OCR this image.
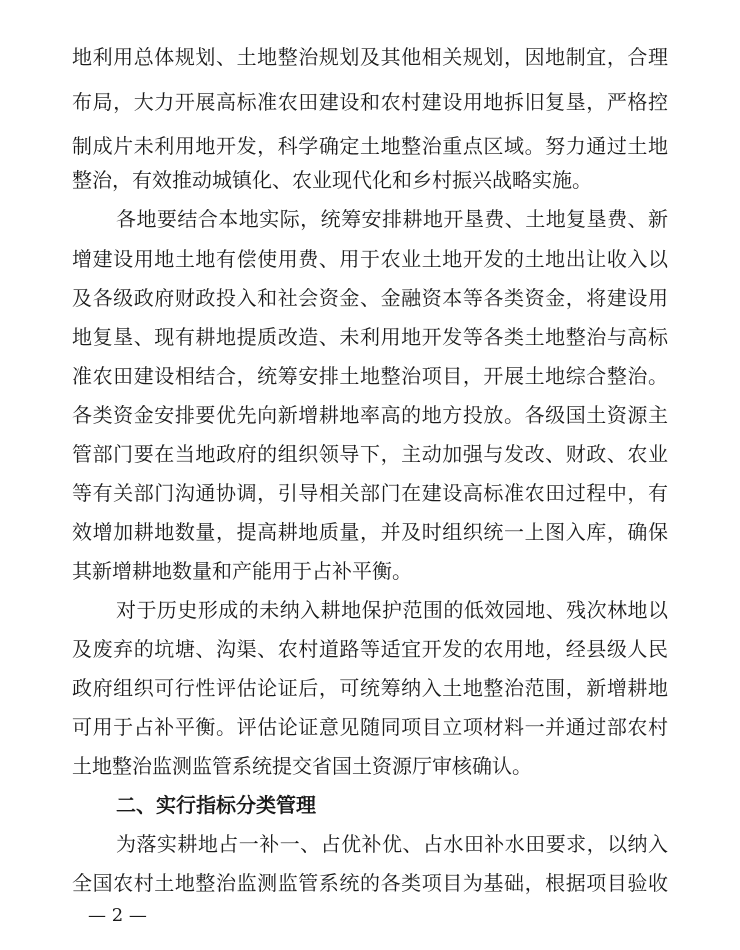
地利用总体规划、土地整治规划及其他相关规划，因地制宜，合理
布局，大力开展高标准农田建设和农村建设用地拆旧复垦，严格控
制成片未利用地开发，科学确定土地整治重点区域。努力通过土地
整治，有效推动城镇化、农业现代化和乡村振兴战略实施。
各地要结合本地实际，统筹安排耕地开垦费、土地复垦费、新
增建设用地土地有偿使用费、用于农业土地开发的土地出让收入以
及各级政府财政投入和社会资金、金融资本等各类资金，将建设用
地复垦、现有耕地提质改造、未利用地开发等各类土地整治与高标
准农田建设相结合，统筹安排土地整治项目，开展土地综合整治。
各类资金安排要优先向新增耕地率高的地方投放。各级国土资源主
管部门要在当地政府的组织领导下，主动加强与发改、财政、农业
等有关部门沟通协调，引导相关部门在建设高标准农田过程中，有
效增加耕地数量，提高耕地质量，并及时组织统一上图入库，确保
其新增耕地数量和产能用于占补平衡。
对于历史形成的未纳入耕地保护范围的低效园地、残次林地以
及废弃的坑塘、沟渠、农村道路等适宜开发的农用地，经县级人民
政府组织可行性评估论证后，可统筹纳入土地整治范围，新增耕地
可用于占补平衡。评估论证意见随同项目立项材料一并通过部农村
土地整治监测监管系统提交省国土资源厅审核确认。
二、实行指标分类管理
为落实耕地占一补一、占优补优、占水田补水田要求，以纳入
全国农村土地整治监测监管系统的各类项目为基础，根据项目验收
— 2 —
